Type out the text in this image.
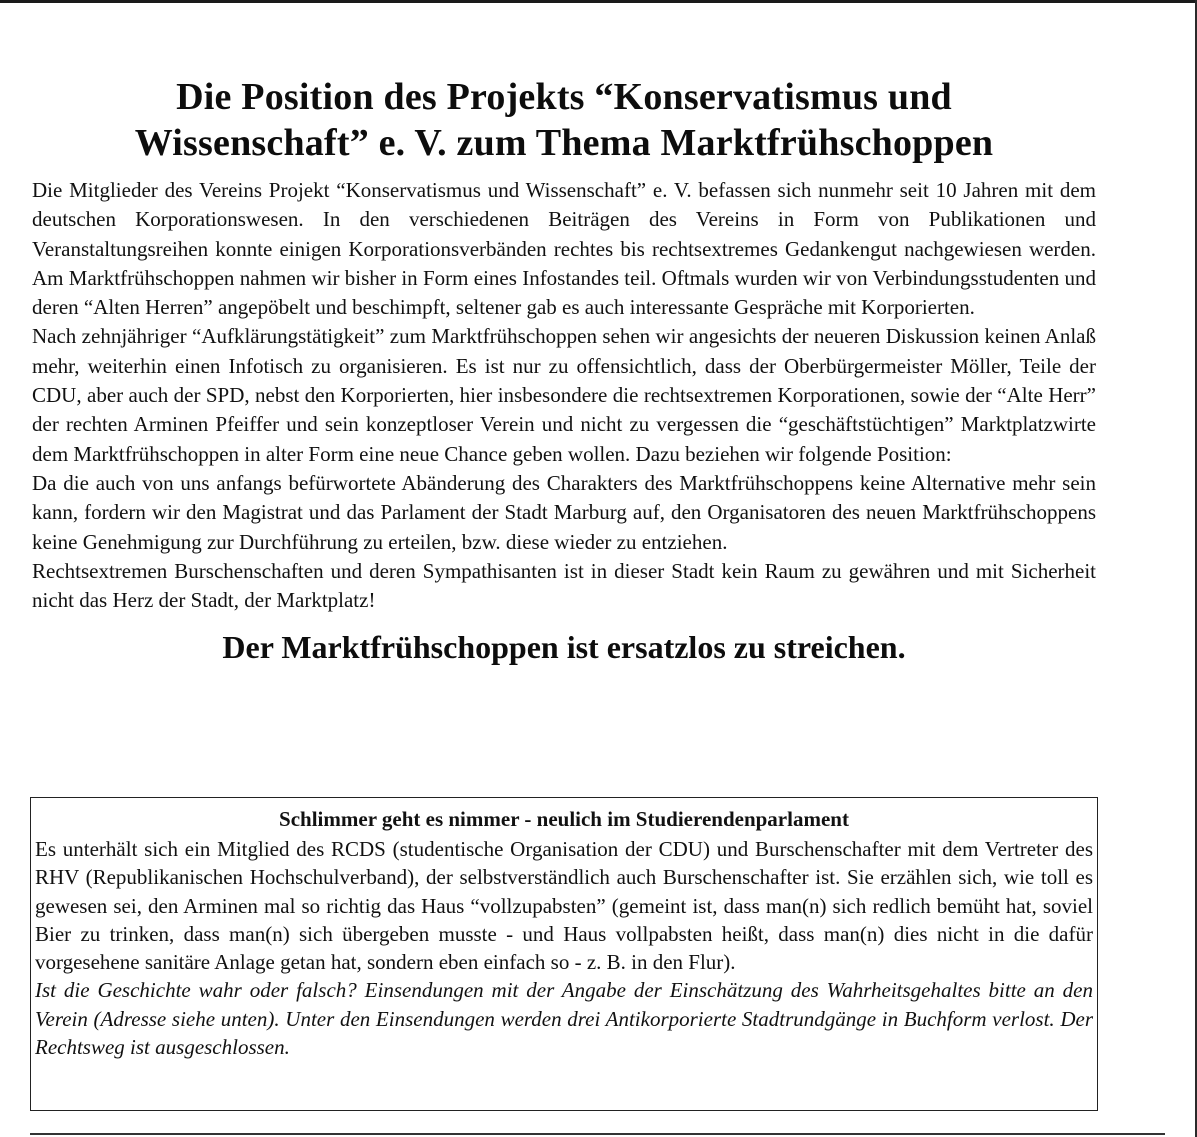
Die Position des Projekts “Konservatismus und
Wissenschaft” e. V. zum Thema Marktfrühschoppen

Die Mitglieder des Vereins Projekt “Konservatismus und Wissenschaft” e. V. befassen sich nunmehr seit 10 Jahren mit dem deutschen Korporationswesen. In den verschiedenen Beiträgen des Vereins in Form von Publikationen und Veranstaltungsreihen konnte einigen Korporationsverbänden rechtes bis rechtsextremes Gedankengut nachgewiesen werden. Am Marktfrühschoppen nahmen wir bisher in Form eines Infostandes teil. Oftmals wurden wir von Verbindungsstudenten und deren “Alten Herren” angepöbelt und beschimpft, seltener gab es auch interessante Gespräche mit Korporierten.

Nach zehnjähriger “Aufklärungstätigkeit” zum Marktfrühschoppen sehen wir angesichts der neueren Diskussion keinen Anlaß mehr, weiterhin einen Infotisch zu organisieren. Es ist nur zu offensichtlich, dass der Oberbürgermeister Möller, Teile der CDU, aber auch der SPD, nebst den Korporierten, hier insbesondere die rechtsextremen Korporationen, sowie der “Alte Herr” der rechten Arminen Pfeiffer und sein konzeptloser Verein und nicht zu vergessen die “geschäftstüchtigen” Marktplatzwirte dem Marktfrühschoppen in alter Form eine neue Chance geben wollen. Dazu beziehen wir folgende Position:

Da die auch von uns anfangs befürwortete Abänderung des Charakters des Marktfrühschoppens keine Alternative mehr sein kann, fordern wir den Magistrat und das Parlament der Stadt Marburg auf, den Organisatoren des neuen Marktfrühschoppens keine Genehmigung zur Durchführung zu erteilen, bzw. diese wieder zu entziehen.

Rechtsextremen Burschenschaften und deren Sympathisanten ist in dieser Stadt kein Raum zu gewähren und mit Sicherheit nicht das Herz der Stadt, der Marktplatz!

Der Marktfrühschoppen ist ersatzlos zu streichen.

Schlimmer geht es nimmer - neulich im Studierendenparlament

Es unterhält sich ein Mitglied des RCDS (studentische Organisation der CDU) und Burschenschafter mit dem Vertreter des RHV (Republikanischen Hochschulverband), der selbstverständlich auch Burschenschafter ist. Sie erzählen sich, wie toll es gewesen sei, den Arminen mal so richtig das Haus “vollzupabsten” (gemeint ist, dass man(n) sich redlich bemüht hat, soviel Bier zu trinken, dass man(n) sich übergeben musste - und Haus vollpabsten heißt, dass man(n) dies nicht in die dafür vorgesehene sanitäre Anlage getan hat, sondern eben einfach so - z. B. in den Flur).

Ist die Geschichte wahr oder falsch? Einsendungen mit der Angabe der Einschätzung des Wahrheitsgehaltes bitte an den Verein (Adresse siehe unten). Unter den Einsendungen werden drei Antikorporierte Stadtrundgänge in Buchform verlost. Der Rechtsweg ist ausgeschlossen.
